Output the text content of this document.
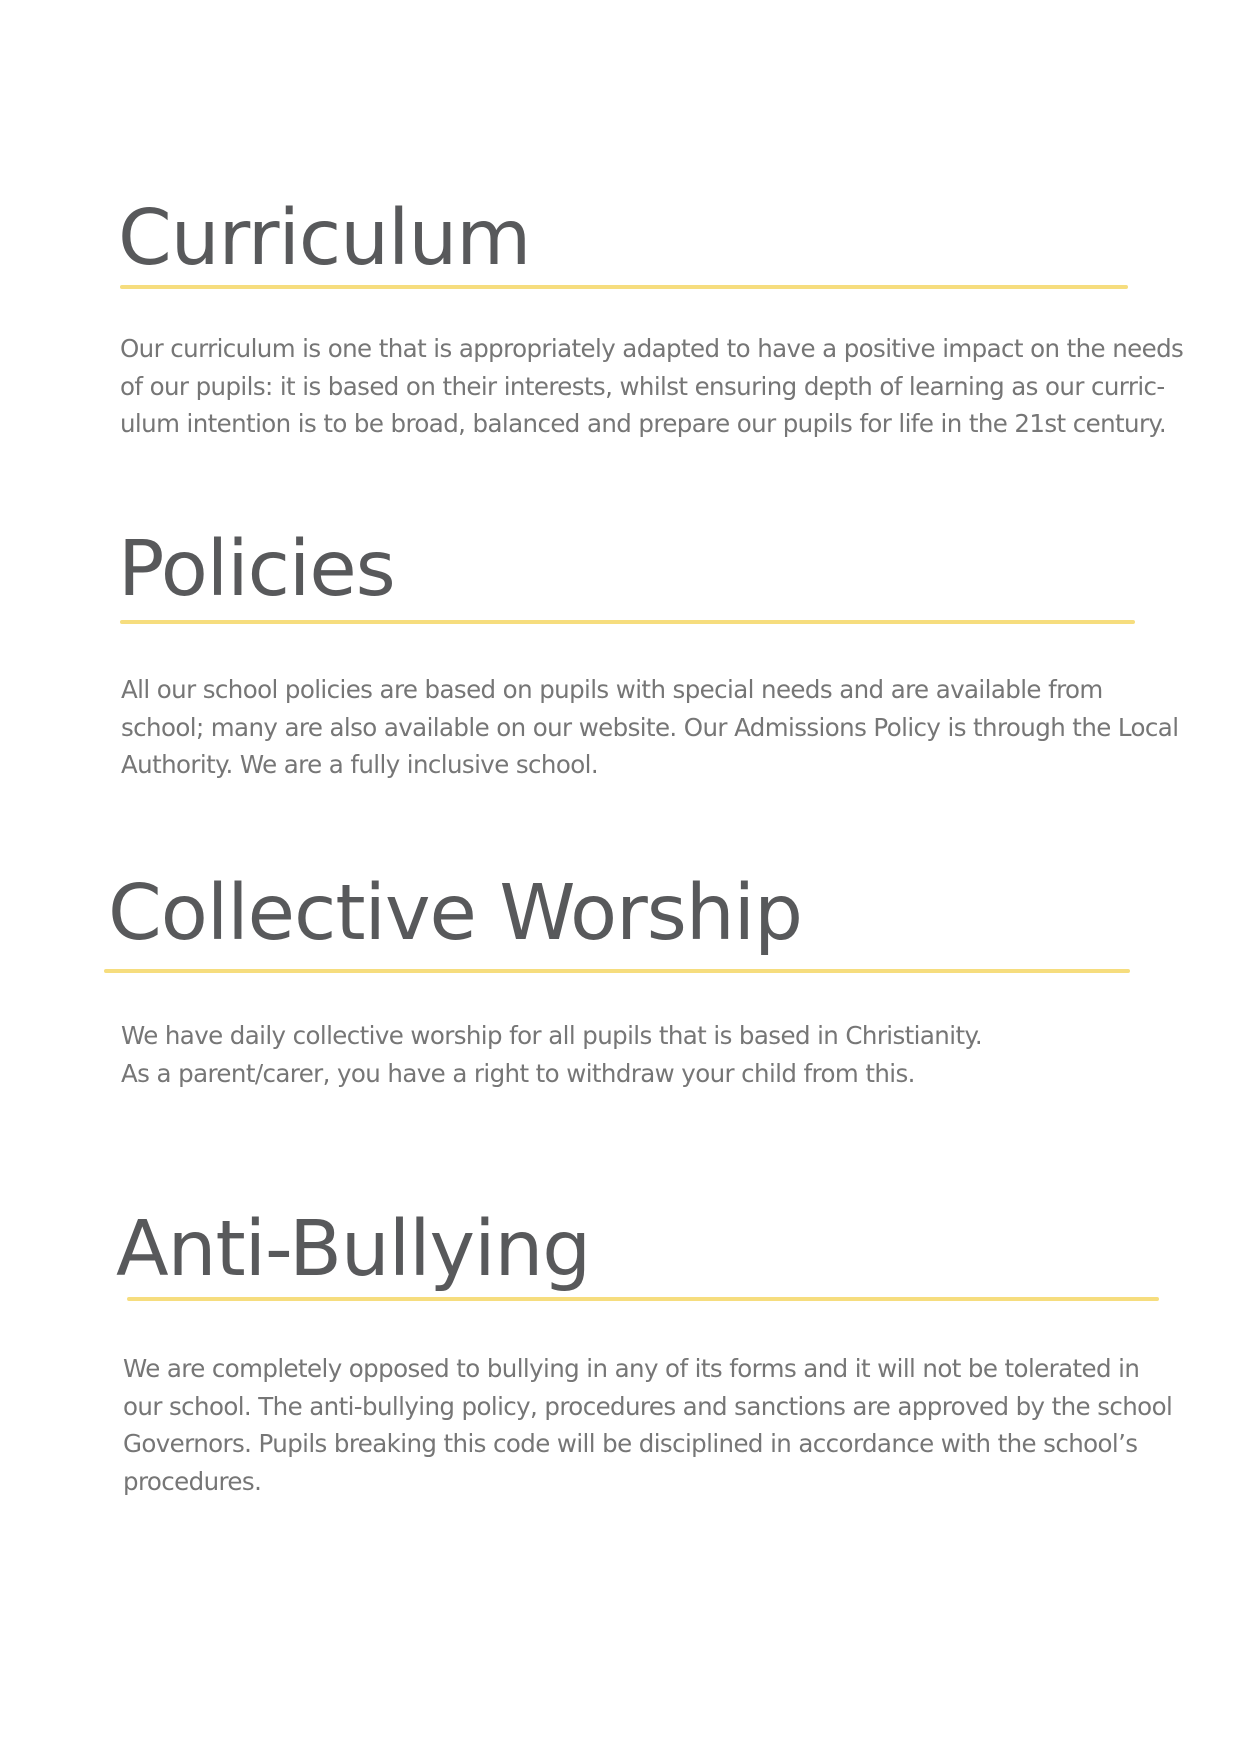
Curriculum

Our curriculum is one that is appropriately adapted to have a positive impact on the needs
of our pupils: it is based on their interests, whilst ensuring depth of learning as our curric-
ulum intention is to be broad, balanced and prepare our pupils for life in the 21st century.

Policies

All our school policies are based on pupils with special needs and are available from
school; many are also available on our website. Our Admissions Policy is through the Local
Authority. We are a fully inclusive school.

Collective Worship

We have daily collective worship for all pupils that is based in Christianity.
As a parent/carer, you have a right to withdraw your child from this.

Anti-Bullying

We are completely opposed to bullying in any of its forms and it will not be tolerated in
our school. The anti-bullying policy, procedures and sanctions are approved by the school
Governors. Pupils breaking this code will be disciplined in accordance with the school’s
procedures.
